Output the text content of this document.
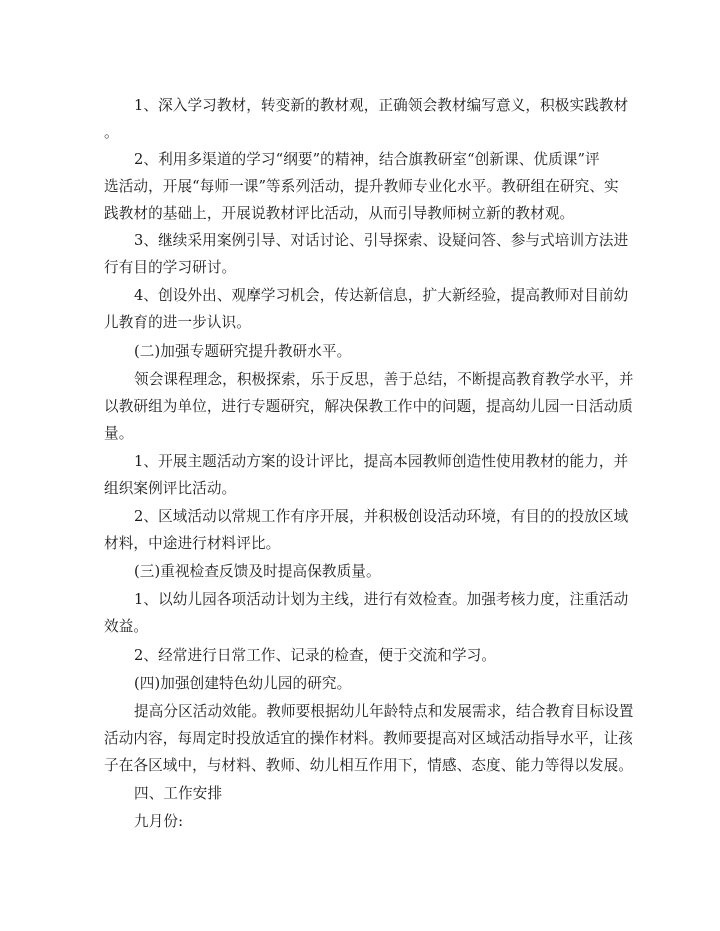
1、深入学习教材，转变新的教材观，正确领会教材编写意义，积极实践教材
。
2、利用多渠道的学习“纲要”的精神，结合旗教研室“创新课、优质课”评
选活动，开展“每师一课”等系列活动，提升教师专业化水平。教研组在研究、实
践教材的基础上，开展说教材评比活动，从而引导教师树立新的教材观。
3、继续采用案例引导、对话讨论、引导探索、设疑问答、参与式培训方法进
行有目的学习研讨。
4、创设外出、观摩学习机会，传达新信息，扩大新经验，提高教师对目前幼
儿教育的进一步认识。
(二)加强专题研究提升教研水平。
领会课程理念，积极探索，乐于反思，善于总结，不断提高教育教学水平，并
以教研组为单位，进行专题研究，解决保教工作中的问题，提高幼儿园一日活动质
量。
1、开展主题活动方案的设计评比，提高本园教师创造性使用教材的能力，并
组织案例评比活动。
2、区域活动以常规工作有序开展，并积极创设活动环境，有目的的投放区域
材料，中途进行材料评比。
(三)重视检查反馈及时提高保教质量。
1、以幼儿园各项活动计划为主线，进行有效检查。加强考核力度，注重活动
效益。
2、经常进行日常工作、记录的检查，便于交流和学习。
(四)加强创建特色幼儿园的研究。
提高分区活动效能。教师要根据幼儿年龄特点和发展需求，结合教育目标设置
活动内容，每周定时投放适宜的操作材料。教师要提高对区域活动指导水平，让孩
子在各区域中，与材料、教师、幼儿相互作用下，情感、态度、能力等得以发展。
四、工作安排
九月份:
